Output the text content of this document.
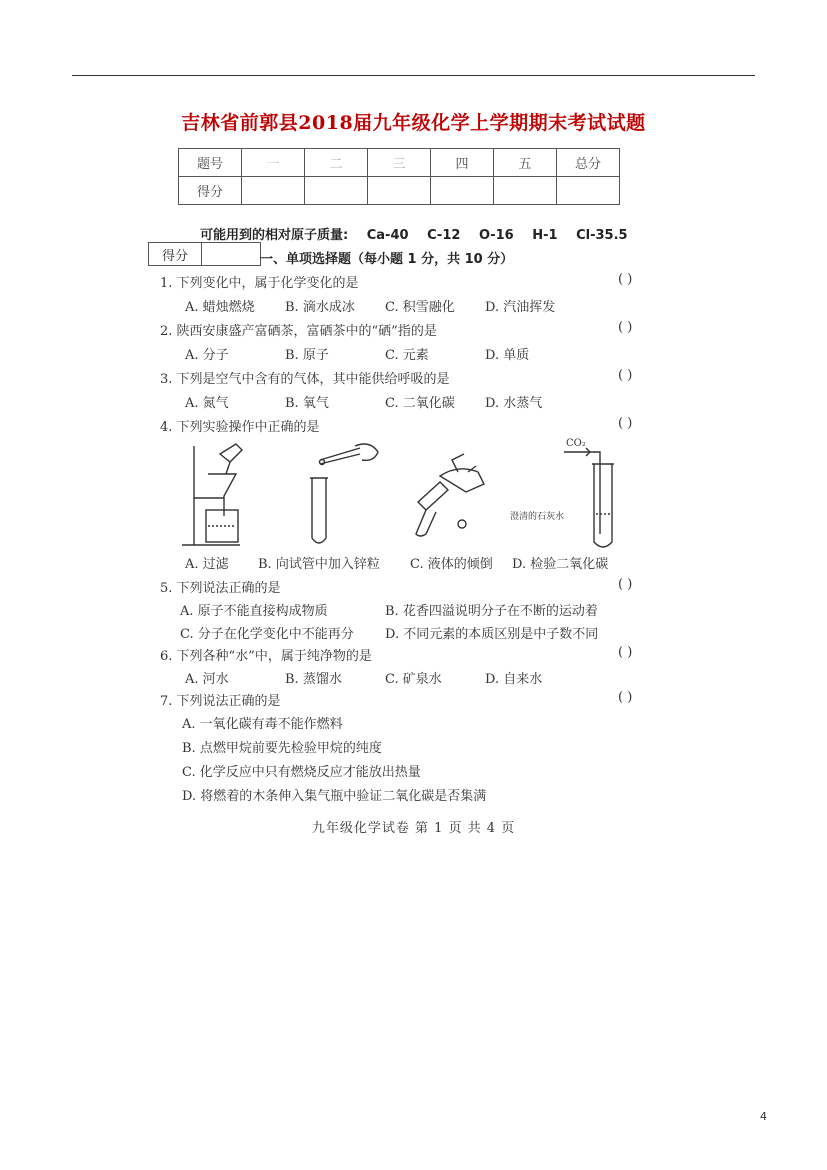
吉林省前郭县2018届九年级化学上学期期末考试试题
题号	一	二	三	四	五	总分
得分						
可能用到的相对原子质量: Ca-40 C-12 O-16 H-1 Cl-35.5
得分		一、单项选择题（每小题 1 分，共 10 分）
1. 下列变化中，属于化学变化的是	( )
A. 蜡烛燃烧 B. 滴水成冰 C. 积雪融化 D. 汽油挥发
2. 陕西安康盛产富硒茶，富硒茶中的“硒”指的是	( )
A. 分子	B. 原子	C. 元素	D. 单质
3. 下列是空气中含有的气体，其中能供给呼吸的是	( )
A. 氮气	B. 氧气	C. 二氧化碳 D. 水蒸气
4. 下列实验操作中正确的是	( )
CO₂
澄清的石灰水
A. 过滤 B. 向试管中加入锌粒 C. 液体的倾倒 D. 检验二氧化碳
5. 下列说法正确的是	( )
A. 原子不能直接构成物质	B. 花香四溢说明分子在不断的运动着
C. 分子在化学变化中不能再分 D. 不同元素的本质区别是中子数不同
6. 下列各种“水”中，属于纯净物的是	( )
A. 河水	B. 蒸馏水	C. 矿泉水	D. 自来水
7. 下列说法正确的是	( )
A. 一氧化碳有毒不能作燃料
B. 点燃甲烷前要先检验甲烷的纯度
C. 化学反应中只有燃烧反应才能放出热量
D. 将燃着的木条伸入集气瓶中验证二氧化碳是否集满
九年级化学试卷 第 1 页 共 4 页
4
